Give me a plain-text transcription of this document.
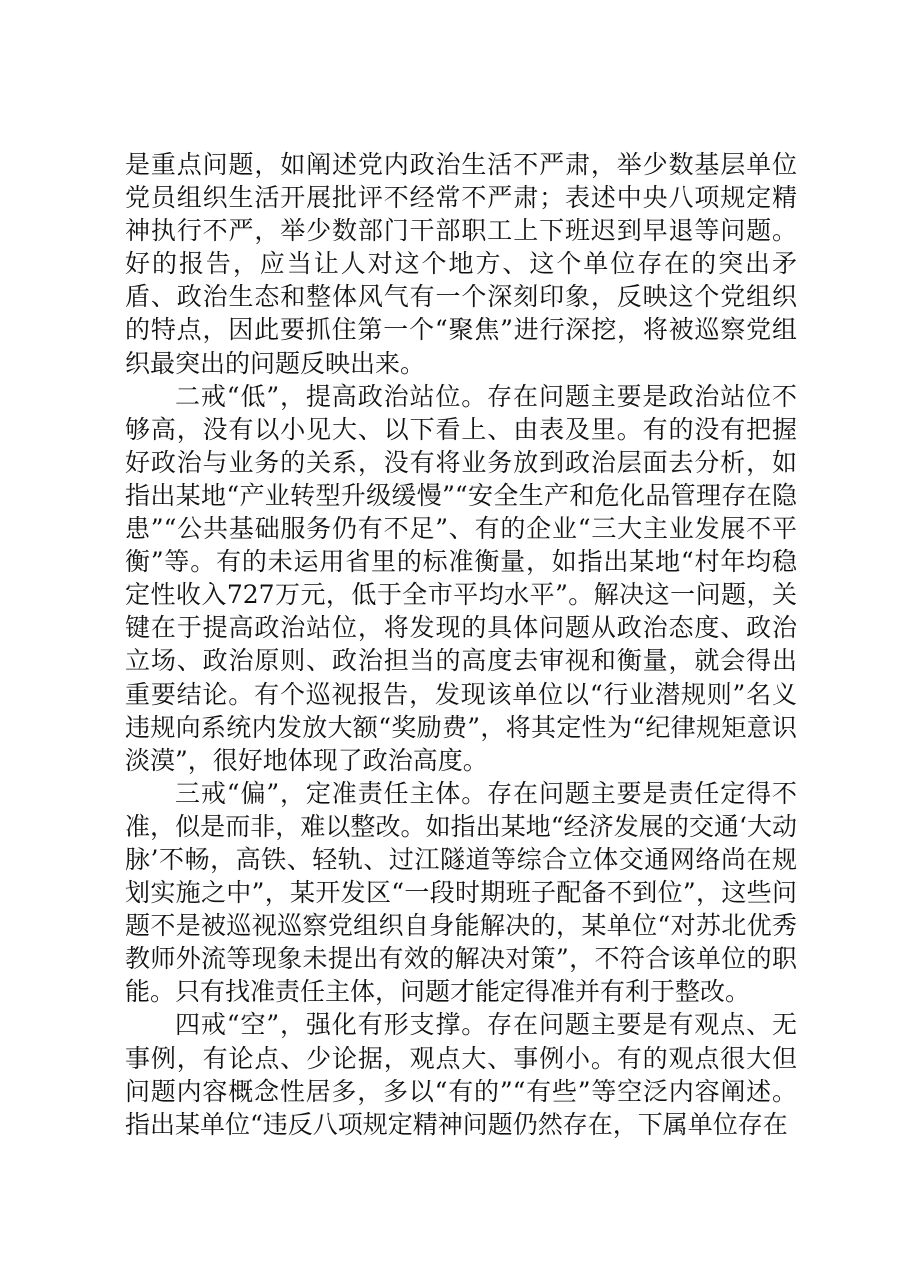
是重点问题，如阐述党内政治生活不严肃，举少数基层单位党员组织生活开展批评不经常不严肃；表述中央八项规定精神执行不严，举少数部门干部职工上下班迟到早退等问题。好的报告，应当让人对这个地方、这个单位存在的突出矛盾、政治生态和整体风气有一个深刻印象，反映这个党组织的特点，因此要抓住第一个“聚焦”进行深挖，将被巡察党组织最突出的问题反映出来。

二戒“低”，提高政治站位。存在问题主要是政治站位不够高，没有以小见大、以下看上、由表及里。有的没有把握好政治与业务的关系，没有将业务放到政治层面去分析，如指出某地“产业转型升级缓慢”“安全生产和危化品管理存在隐患”“公共基础服务仍有不足”、有的企业“三大主业发展不平衡”等。有的未运用省里的标准衡量，如指出某地“村年均稳定性收入727万元，低于全市平均水平”。解决这一问题，关键在于提高政治站位，将发现的具体问题从政治态度、政治立场、政治原则、政治担当的高度去审视和衡量，就会得出重要结论。有个巡视报告，发现该单位以“行业潜规则”名义违规向系统内发放大额“奖励费”，将其定性为“纪律规矩意识淡漠”，很好地体现了政治高度。

三戒“偏”，定准责任主体。存在问题主要是责任定得不准，似是而非，难以整改。如指出某地“经济发展的交通‘大动脉’不畅，高铁、轻轨、过江隧道等综合立体交通网络尚在规划实施之中”，某开发区“一段时期班子配备不到位”，这些问题不是被巡视巡察党组织自身能解决的，某单位“对苏北优秀教师外流等现象未提出有效的解决对策”，不符合该单位的职能。只有找准责任主体，问题才能定得准并有利于整改。

四戒“空”，强化有形支撑。存在问题主要是有观点、无事例，有论点、少论据，观点大、事例小。有的观点很大但问题内容概念性居多，多以“有的”“有些”等空泛内容阐述。指出某单位“违反八项规定精神问题仍然存在，下属单位存在
